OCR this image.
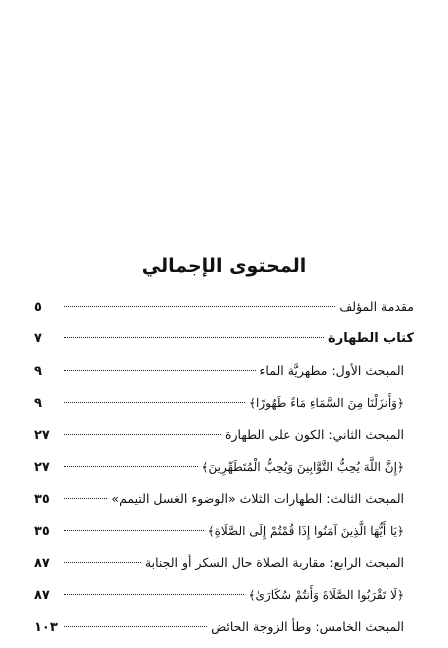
المحتوى الإجمالي
مقدمة المؤلف
٥
كتاب الطهارة
٧
المبحث الأول: مطهريَّة الماء
٩
﴿وَأَنزَلْنَا مِنَ السَّمَاءِ مَاءً طَهُورًا﴾
٩
المبحث الثاني: الكون على الطهارة
٢٧
﴿إِنَّ اللَّهَ يُحِبُّ التَّوَّابِينَ وَيُحِبُّ الْمُتَطَهِّرِينَ﴾
٢٧
المبحث الثالث: الطهارات الثلاث «الوضوء الغسل التيمم»
٣٥
﴿يَا أَيُّهَا الَّذِينَ آمَنُوا إِذَا قُمْتُمْ إِلَى الصَّلَاةِ﴾
٣٥
المبحث الرابع: مقاربة الصلاة حال السكر أو الجنابة
٨٧
﴿لَا تَقْرَبُوا الصَّلَاةَ وَأَنتُمْ سُكَارَىٰ﴾
٨٧
المبحث الخامس: وطأ الزوجة الحائض
١٠٣
